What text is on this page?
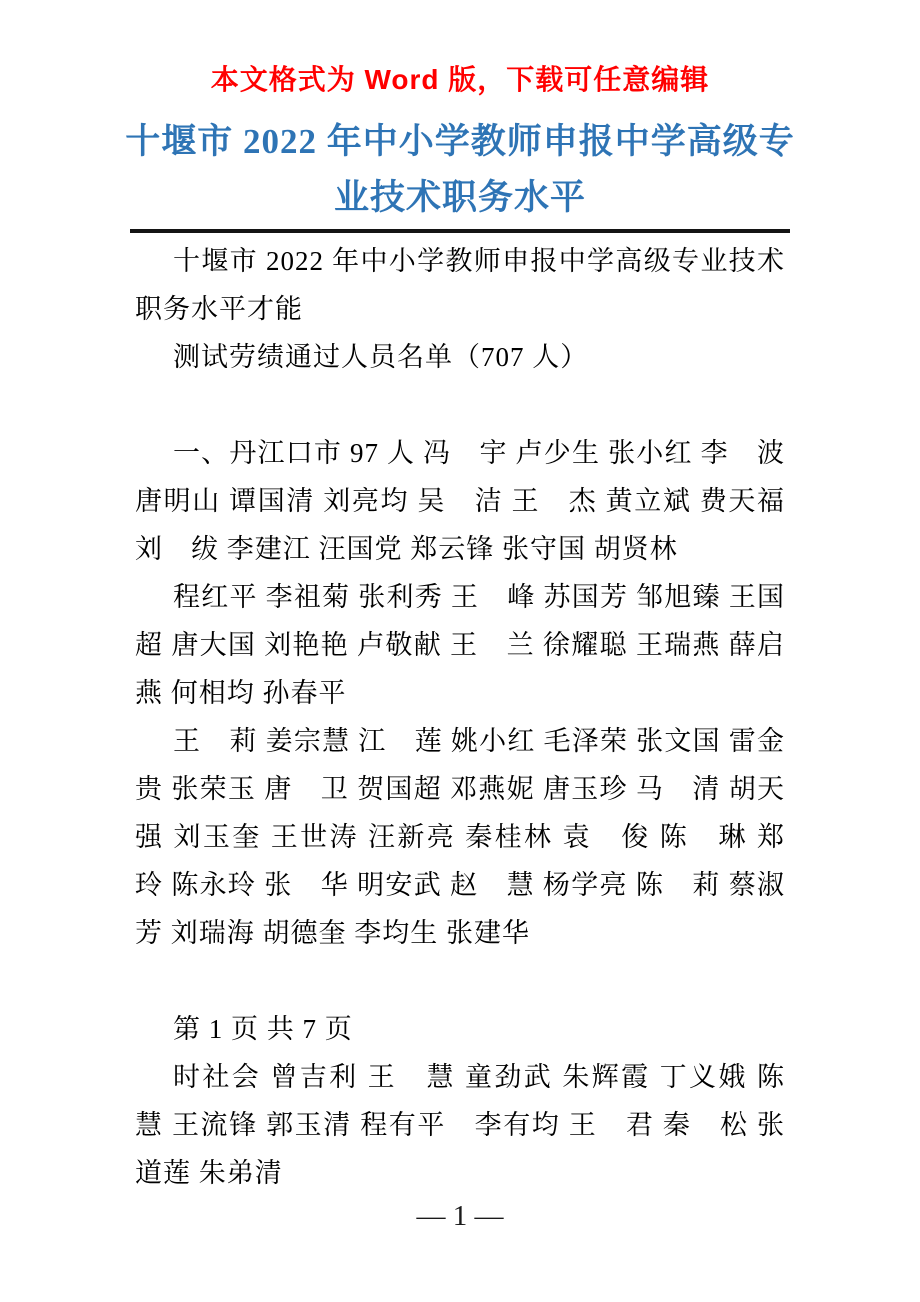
本文格式为 Word 版，下载可任意编辑
十堰市 2022 年中小学教师申报中学高级专
业技术职务水平

十堰市 2022 年中小学教师申报中学高级专业技术职务水平才能

测试劳绩通过人员名单（707 人）

一、丹江口市 97 人 冯　宇 卢少生 张小红 李　波 唐明山 谭国清 刘亮均 吴　洁 王　杰 黄立斌 费天福 刘　绂 李建江 汪国党 郑云锋 张守国 胡贤林

程红平 李祖菊 张利秀 王　峰 苏国芳 邹旭臻 王国超 唐大国 刘艳艳 卢敬献 王　兰 徐耀聪 王瑞燕 薛启燕 何相均 孙春平

王　莉 姜宗慧 江　莲 姚小红 毛泽荣 张文国 雷金贵 张荣玉 唐　卫 贺国超 邓燕妮 唐玉珍 马　清 胡天强 刘玉奎 王世涛 汪新亮 秦桂林 袁　俊 陈　琳 郑　玲 陈永玲 张　华 明安武 赵　慧 杨学亮 陈　莉 蔡淑芳 刘瑞海 胡德奎 李均生 张建华

第 1 页 共 7 页

时社会 曾吉利 王　慧 童劲武 朱辉霞 丁义娥 陈　慧 王流锋 郭玉清 程有平　李有均 王　君 秦　松 张道莲 朱弟清

— 1 —
